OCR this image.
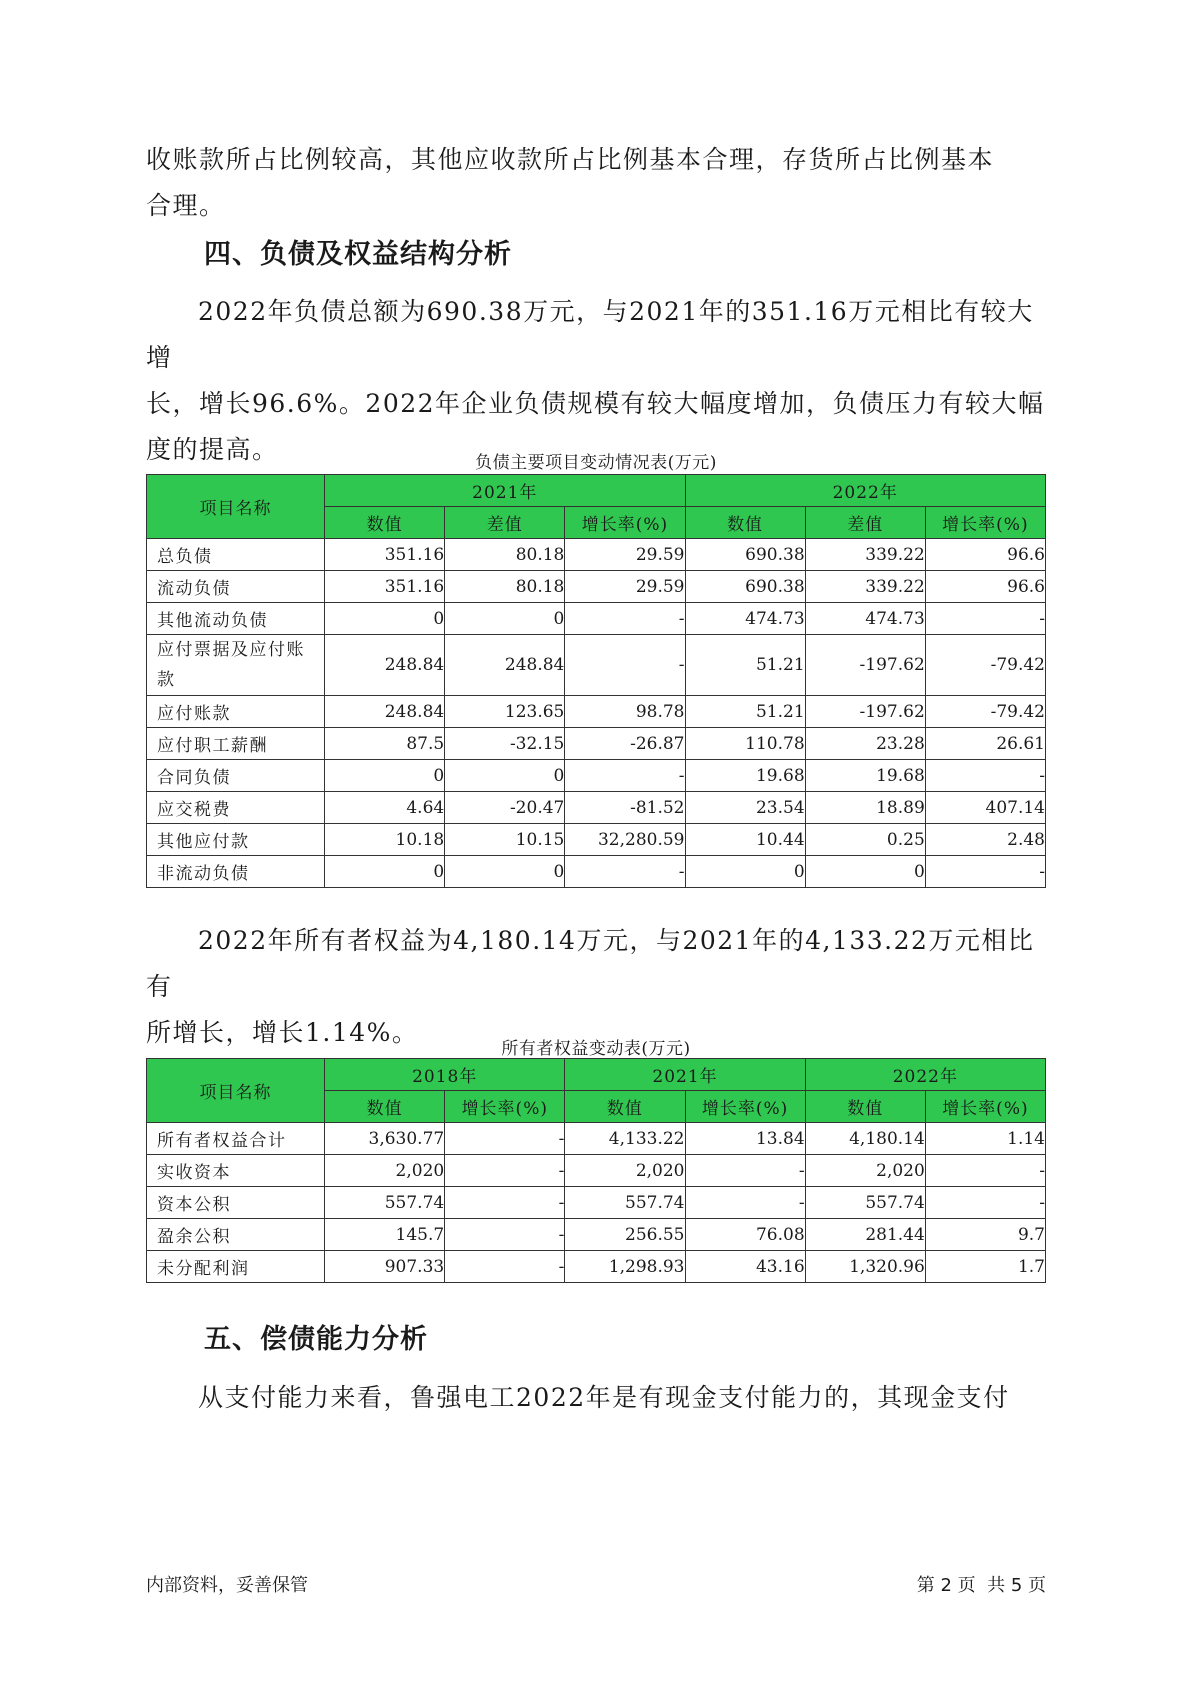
收账款所占比例较高，其他应收款所占比例基本合理，存货所占比例基本
合理。

四、负债及权益结构分析

2022年负债总额为690.38万元，与2021年的351.16万元相比有较大增
长，增长96.6%。2022年企业负债规模有较大幅度增加，负债压力有较大幅
度的提高。	负债主要项目变动情况表(万元)
项目名称	2021年			2022年		
	数值	差值	增长率(%)	数值	差值	增长率(%)
总负债	351.16	80.18	29.59	690.38	339.22	96.6
流动负债	351.16	80.18	29.59	690.38	339.22	96.6
其他流动负债	0	0	-	474.73	474.73	-
应付票据及应付账款	248.84	248.84	-	51.21	-197.62	-79.42
应付账款	248.84	123.65	98.78	51.21	-197.62	-79.42
应付职工薪酬	87.5	-32.15	-26.87	110.78	23.28	26.61
合同负债	0	0	-	19.68	19.68	-
应交税费	4.64	-20.47	-81.52	23.54	18.89	407.14
其他应付款	10.18	10.15	32,280.59	10.44	0.25	2.48
非流动负债	0	0	-	0	0	-

2022年所有者权益为4,180.14万元，与2021年的4,133.22万元相比有
所增长，增长1.14%。

所有者权益变动表(万元)
项目名称	2018年		2021年		2022年	
	数值	增长率(%)	数值	增长率(%)	数值	增长率(%)
所有者权益合计	3,630.77	-	4,133.22	13.84	4,180.14	1.14
实收资本	2,020	-	2,020	-	2,020	-
资本公积	557.74	-	557.74	-	557.74	-
盈余公积	145.7	-	256.55	76.08	281.44	9.7
未分配利润	907.33	-	1,298.93	43.16	1,320.96	1.7
五、偿债能力分析

从支付能力来看，鲁强电工2022年是有现金支付能力的，其现金支付

内部资料，妥善保管	第 2 页  共 5 页
